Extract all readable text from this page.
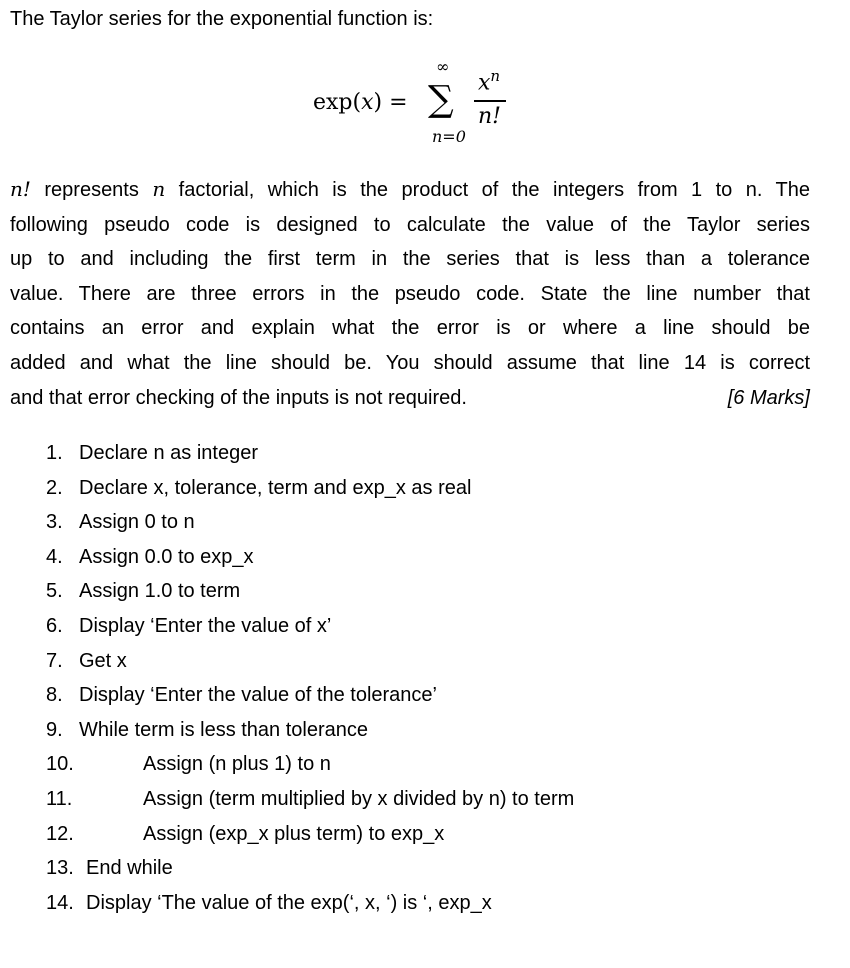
The Taylor series for the exponential function is:
exp(x) =
∞
∑
n=0
$x^n$
n!
n! represents n factorial, which is the product of the integers from 1 to n. The
following pseudo code is designed to calculate the value of the Taylor series
up to and including the first term in the series that is less than a tolerance
value. There are three errors in the pseudo code. State the line number that
contains an error and explain what the error is or where a line should be
added and what the line should be. You should assume that line 14 is correct
and that error checking of the inputs is not required.	[6 Marks]
1. Declare n as integer
2. Declare x, tolerance, term and exp_x as real
3. Assign 0 to n
4. Assign 0.0 to exp_x
5. Assign 1.0 to term
6. Display ‘Enter the value of x’
7. Get x
8. Display ‘Enter the value of the tolerance’
9. While term is less than tolerance
10.	Assign (n plus 1) to n
11.	Assign (term multiplied by x divided by n) to term
12.	Assign (exp_x plus term) to exp_x
13. End while
14. Display ‘The value of the exp(‘, x, ‘) is ‘, exp_x
